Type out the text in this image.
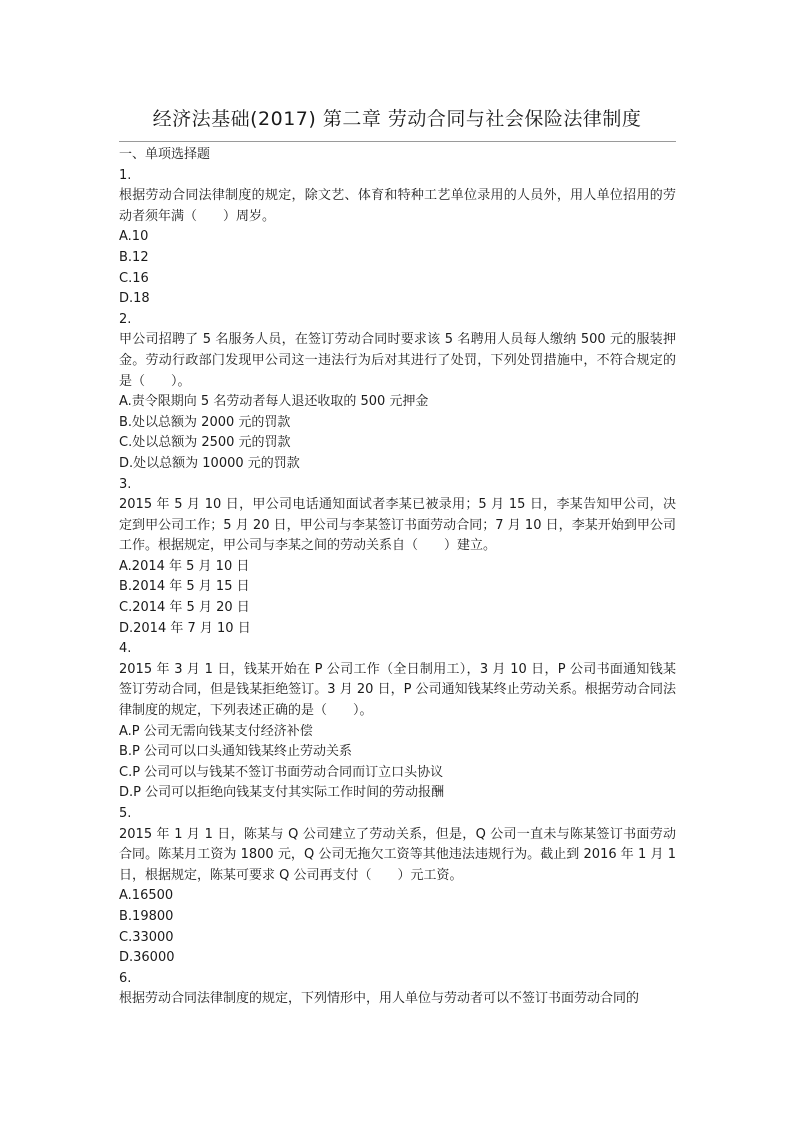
经济法基础(2017) 第二章 劳动合同与社会保险法律制度
一、单项选择题
1.
根据劳动合同法律制度的规定，除文艺、体育和特种工艺单位录用的人员外，用人单位招用的劳动者须年满（　　）周岁。
A.10
B.12
C.16
D.18
2.
甲公司招聘了 5 名服务人员，在签订劳动合同时要求该 5 名聘用人员每人缴纳 500 元的服装押金。劳动行政部门发现甲公司这一违法行为后对其进行了处罚，下列处罚措施中，不符合规定的是（　　）。
A.责令限期向 5 名劳动者每人退还收取的 500 元押金
B.处以总额为 2000 元的罚款
C.处以总额为 2500 元的罚款
D.处以总额为 10000 元的罚款
3.
2015 年 5 月 10 日，甲公司电话通知面试者李某已被录用；5 月 15 日，李某告知甲公司，决定到甲公司工作；5 月 20 日，甲公司与李某签订书面劳动合同；7 月 10 日，李某开始到甲公司工作。根据规定，甲公司与李某之间的劳动关系自（　　）建立。
A.2014 年 5 月 10 日
B.2014 年 5 月 15 日
C.2014 年 5 月 20 日
D.2014 年 7 月 10 日
4.
2015 年 3 月 1 日，钱某开始在 P 公司工作（全日制用工），3 月 10 日，P 公司书面通知钱某签订劳动合同，但是钱某拒绝签订。3 月 20 日，P 公司通知钱某终止劳动关系。根据劳动合同法律制度的规定，下列表述正确的是（　　）。
A.P 公司无需向钱某支付经济补偿
B.P 公司可以口头通知钱某终止劳动关系
C.P 公司可以与钱某不签订书面劳动合同而订立口头协议
D.P 公司可以拒绝向钱某支付其实际工作时间的劳动报酬
5.
2015 年 1 月 1 日，陈某与 Q 公司建立了劳动关系，但是，Q 公司一直未与陈某签订书面劳动合同。陈某月工资为 1800 元，Q 公司无拖欠工资等其他违法违规行为。截止到 2016 年 1 月 1 日，根据规定，陈某可要求 Q 公司再支付（　　）元工资。
A.16500
B.19800
C.33000
D.36000
6.
根据劳动合同法律制度的规定，下列情形中，用人单位与劳动者可以不签订书面劳动合同的
